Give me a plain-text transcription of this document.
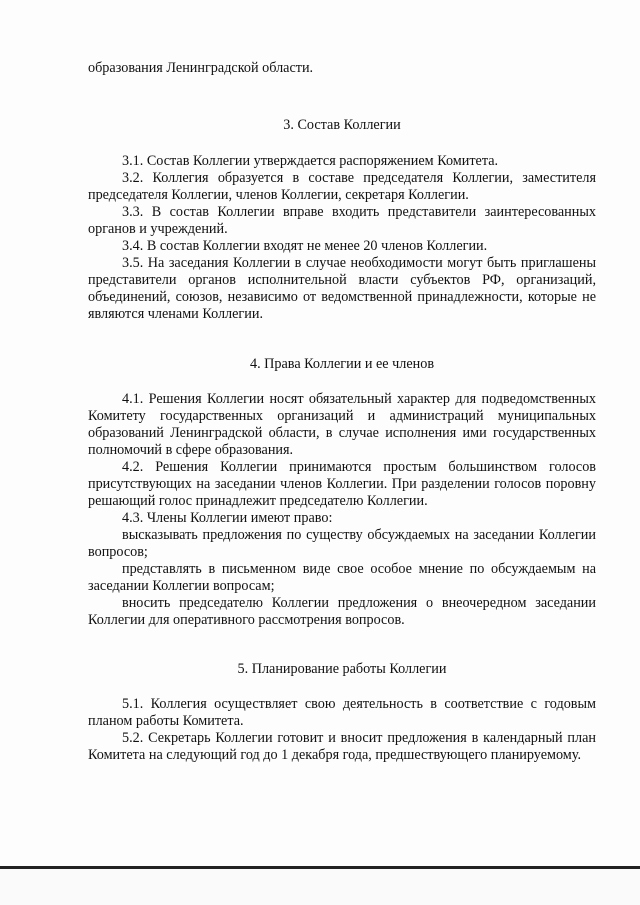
образования Ленинградской области.

3. Состав Коллегии

3.1. Состав Коллегии утверждается распоряжением Комитета.

3.2. Коллегия образуется в составе председателя Коллегии, заместителя председателя Коллегии, членов Коллегии, секретаря Коллегии.

3.3. В состав Коллегии вправе входить представители заинтересованных органов и учреждений.

3.4. В состав Коллегии входят не менее 20 членов Коллегии.

3.5. На заседания Коллегии в случае необходимости могут быть приглашены представители органов исполнительной власти субъектов РФ, организаций, объединений, союзов, независимо от ведомственной принадлежности, которые не являются членами Коллегии.

4. Права Коллегии и ее членов

4.1. Решения Коллегии носят обязательный характер для подведомственных Комитету государственных организаций и администраций муниципальных образований Ленинградской области, в случае исполнения ими государственных полномочий в сфере образования.

4.2. Решения Коллегии принимаются простым большинством голосов присутствующих на заседании членов Коллегии. При разделении голосов поровну решающий голос принадлежит председателю Коллегии.

4.3. Члены Коллегии имеют право:

высказывать предложения по существу обсуждаемых на заседании Коллегии вопросов;

представлять в письменном виде свое особое мнение по обсуждаемым на заседании Коллегии вопросам;

вносить председателю Коллегии предложения о внеочередном заседании Коллегии для оперативного рассмотрения вопросов.

5. Планирование работы Коллегии

5.1. Коллегия осуществляет свою деятельность в соответствие с годовым планом работы Комитета.

5.2. Секретарь Коллегии готовит и вносит предложения в календарный план Комитета на следующий год до 1 декабря года, предшествующего планируемому.
